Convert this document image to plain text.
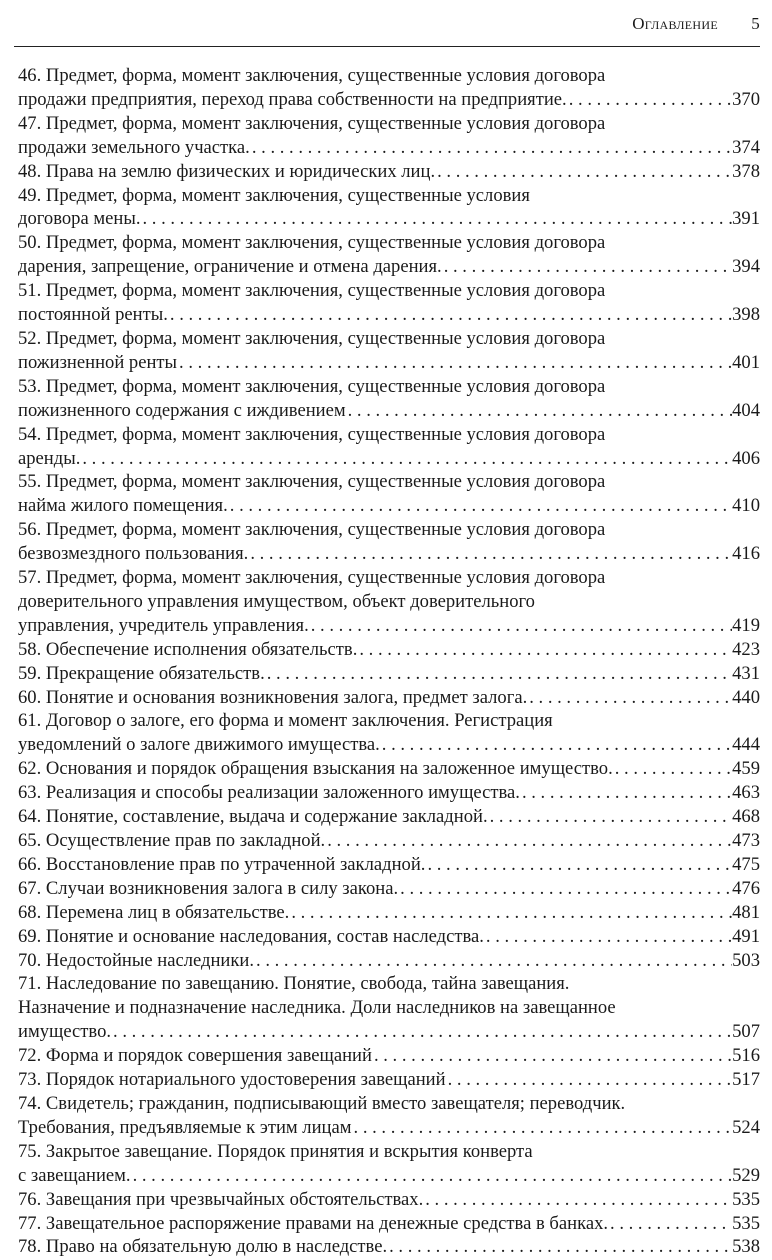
Оглавление 5
46. Предмет, форма, момент заключения, существенные условия договора
продажи предприятия, переход права собственности на предприятие. . . .	370
47. Предмет, форма, момент заключения, существенные условия договора
продажи земельного участка. . . .	374
48. Права на землю физических и юридических лиц. . . .	378
49. Предмет, форма, момент заключения, существенные условия
договора мены. . . .	391
50. Предмет, форма, момент заключения, существенные условия договора
дарения, запрещение, ограничение и отмена дарения. . . .	394
51. Предмет, форма, момент заключения, существенные условия договора
постоянной ренты. . . .	398
52. Предмет, форма, момент заключения, существенные условия договора
пожизненной ренты . . .	401
53. Предмет, форма, момент заключения, существенные условия договора
пожизненного содержания с иждивением . . .	404
54. Предмет, форма, момент заключения, существенные условия договора
аренды. . . .	406
55. Предмет, форма, момент заключения, существенные условия договора
найма жилого помещения. . . .	410
56. Предмет, форма, момент заключения, существенные условия договора
безвозмездного пользования. . . .	416
57. Предмет, форма, момент заключения, существенные условия договора
доверительного управления имуществом, объект доверительного
управления, учредитель управления. . . .	419
58. Обеспечение исполнения обязательств. . . .	423
59. Прекращение обязательств. . . .	431
60. Понятие и основания возникновения залога, предмет залога. . . .	440
61. Договор о залоге, его форма и момент заключения. Регистрация
уведомлений о залоге движимого имущества. . . .	444
62. Основания и порядок обращения взыскания на заложенное имущество. . . .	459
63. Реализация и способы реализации заложенного имущества. . . .	463
64. Понятие, составление, выдача и содержание закладной. . . .	468
65. Осуществление прав по закладной. . . .	473
66. Восстановление прав по утраченной закладной. . . .	475
67. Случаи возникновения залога в силу закона. . . .	476
68. Перемена лиц в обязательстве. . . .	481
69. Понятие и основание наследования, состав наследства. . . .	491
70. Недостойные наследники. . . .	503
71. Наследование по завещанию. Понятие, свобода, тайна завещания.
Назначение и подназначение наследника. Доли наследников на завещанное
имущество. . . .	507
72. Форма и порядок совершения завещаний . . .	516
73. Порядок нотариального удостоверения завещаний . . .	517
74. Свидетель; гражданин, подписывающий вместо завещателя; переводчик.
Требования, предъявляемые к этим лицам . . .	524
75. Закрытое завещание. Порядок принятия и вскрытия конверта
с завещанием. . . .	529
76. Завещания при чрезвычайных обстоятельствах. . . .	535
77. Завещательное распоряжение правами на денежные средства в банках. . . .	535
78. Право на обязательную долю в наследстве. . . .	538
